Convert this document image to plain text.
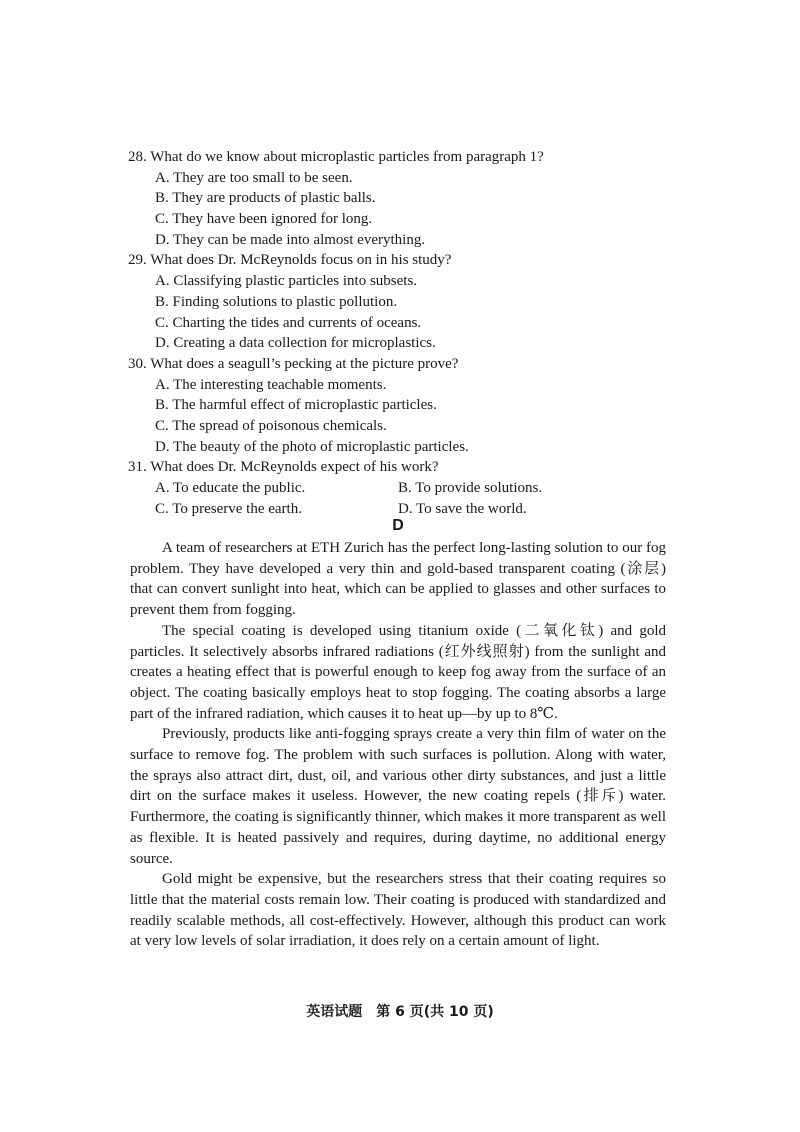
28. What do we know about microplastic particles from paragraph 1?
A. They are too small to be seen.
B. They are products of plastic balls.
C. They have been ignored for long.
D. They can be made into almost everything.
29. What does Dr. McReynolds focus on in his study?
A. Classifying plastic particles into subsets.
B. Finding solutions to plastic pollution.
C. Charting the tides and currents of oceans.
D. Creating a data collection for microplastics.
30. What does a seagull’s pecking at the picture prove?
A. The interesting teachable moments.
B. The harmful effect of microplastic particles.
C. The spread of poisonous chemicals.
D. The beauty of the photo of microplastic particles.
31. What does Dr. McReynolds expect of his work?
A. To educate the public.	B. To provide solutions.
C. To preserve the earth.	D. To save the world.
D

A team of researchers at ETH Zurich has the perfect long-lasting solution to our fog problem. They have developed a very thin and gold-based transparent coating (涂层) that can convert sunlight into heat, which can be applied to glasses and other surfaces to prevent them from fogging.

The special coating is developed using titanium oxide (二氧化钛) and gold particles. It selectively absorbs infrared radiations (红外线照射) from the sunlight and creates a heating effect that is powerful enough to keep fog away from the surface of an object. The coating basically employs heat to stop fogging. The coating absorbs a large part of the infrared radiation, which causes it to heat up—by up to 8℃.

Previously, products like anti-fogging sprays create a very thin film of water on the surface to remove fog. The problem with such surfaces is pollution. Along with water, the sprays also attract dirt, dust, oil, and various other dirty substances, and just a little dirt on the surface makes it useless. However, the new coating repels (排斥) water. Furthermore, the coating is significantly thinner, which makes it more transparent as well as flexible. It is heated passively and requires, during daytime, no additional energy source.

Gold might be expensive, but the researchers stress that their coating requires so little that the material costs remain low. Their coating is produced with standardized and readily scalable methods, all cost-effectively. However, although this product can work at very low levels of solar irradiation, it does rely on a certain amount of light.

英语试题　第 6 页(共 10 页)
